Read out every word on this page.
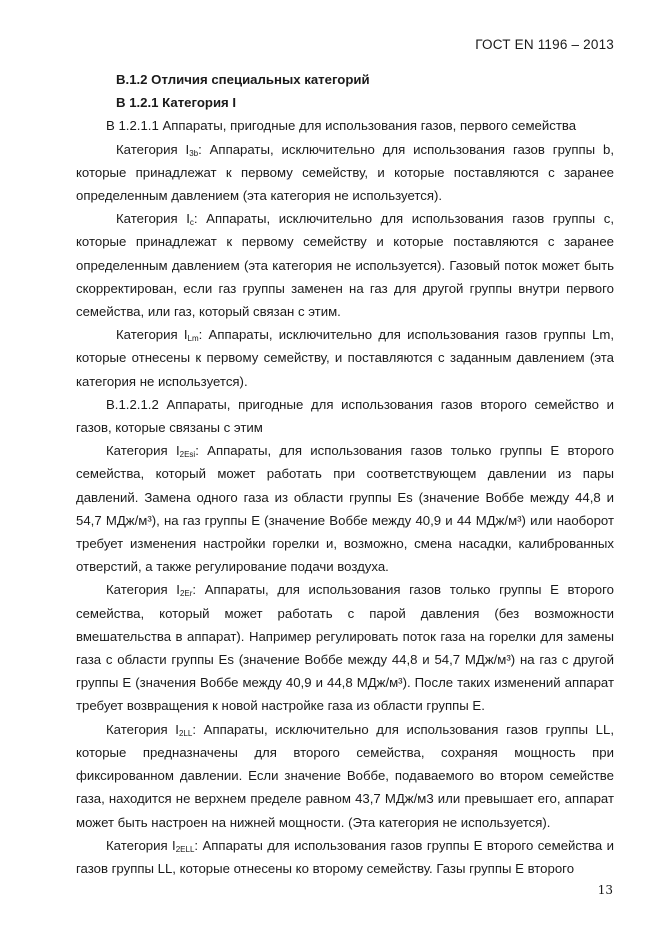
ГОСТ EN 1196 – 2013

В.1.2 Отличия специальных категорий

В 1.2.1 Категория I

В 1.2.1.1 Аппараты, пригодные для использования газов, первого семейства

Категория $I_{3b}$: Аппараты, исключительно для использования газов группы b, которые принадлежат к первому семейству, и которые поставляются с заранее определенным давлением (эта категория не используется).

Категория $I_c$: Аппараты, исключительно для использования газов группы с, которые принадлежат к первому семейству и которые поставляются с заранее определенным давлением (эта категория не используется). Газовый поток может быть скорректирован, если газ группы заменен на газ для другой группы внутри первого семейства, или газ, который связан с этим.

Категория $I_{Lm}$: Аппараты, исключительно для использования газов группы Lm, которые отнесены к первому семейству, и поставляются с заданным давлением (эта категория не используется).

В.1.2.1.2 Аппараты, пригодные для использования газов второго семейство и газов, которые связаны с этим

Категория $I_{2Esi}$: Аппараты, для использования газов только группы Е второго семейства, который может работать при соответствующем давлении из пары давлений. Замена одного газа из области группы Es (значение Воббе между 44,8 и 54,7 МДж/м³), на газ группы Е (значение Воббе между 40,9 и 44 МДж/м³) или наоборот требует изменения настройки горелки и, возможно, смена насадки, калиброванных отверстий, а также регулирование подачи воздуха.

Категория $I_{2Er}$: Аппараты, для использования газов только группы Е второго семейства, который может работать с парой давления (без возможности вмешательства в аппарат). Например регулировать поток газа на горелки для замены газа с области группы Es (значение Воббе между 44,8 и 54,7 МДж/м³) на газ с другой группы Е (значения Воббе между 40,9 и 44,8 МДж/м³). После таких изменений аппарат требует возвращения к новой настройке газа из области группы Е.

Категория $I_{2LL}$: Аппараты, исключительно для использования газов группы LL, которые предназначены для второго семейства, сохраняя мощность при фиксированном давлении. Если значение Воббе, подаваемого во втором семействе газа, находится не верхнем пределе равном 43,7 МДж/м3 или превышает его, аппарат может быть настроен на нижней мощности. (Эта категория не используется).

Категория $I_{2ELL}$: Аппараты для использования газов группы Е второго семейства и газов группы LL, которые отнесены ко второму семейству. Газы группы Е второго

13
